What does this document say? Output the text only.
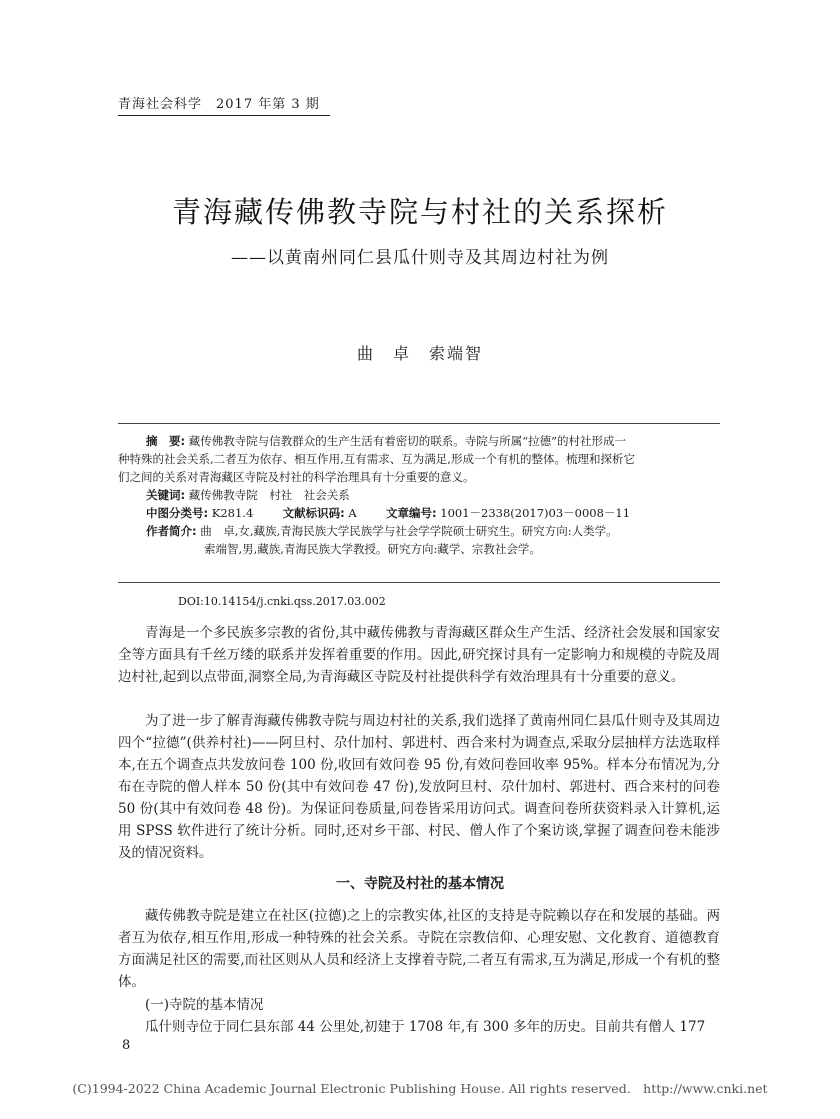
青海社会科学　2017 年第 3 期
青海藏传佛教寺院与村社的关系探析
——以黄南州同仁县瓜什则寺及其周边村社为例
曲　卓　索端智
摘　要: 藏传佛教寺院与信教群众的生产生活有着密切的联系。寺院与所属“拉德”的村社形成一
种特殊的社会关系,二者互为依存、相互作用,互有需求、互为满足,形成一个有机的整体。梳理和探析它
们之间的关系对青海藏区寺院及村社的科学治理具有十分重要的意义。
关键词: 藏传佛教寺院　村社　社会关系
中图分类号: K281.4	文献标识码: A	文章编号: 1001－2338(2017)03－0008－11
作者简介: 曲　卓,女,藏族,青海民族大学民族学与社会学学院硕士研究生。研究方向:人类学。
索端智,男,藏族,青海民族大学教授。研究方向:藏学、宗教社会学。
DOI:10.14154/j.cnki.qss.2017.03.002
青海是一个多民族多宗教的省份,其中藏传佛教与青海藏区群众生产生活、经济社会发展和国家安全等方面具有千丝万缕的联系并发挥着重要的作用。因此,研究探讨具有一定影响力和规模的寺院及周边村社,起到以点带面,洞察全局,为青海藏区寺院及村社提供科学有效治理具有十分重要的意义。
为了进一步了解青海藏传佛教寺院与周边村社的关系,我们选择了黄南州同仁县瓜什则寺及其周边四个“拉德”(供养村社)——阿旦村、尕什加村、郭进村、西合来村为调查点,采取分层抽样方法选取样本,在五个调查点共发放问卷 100 份,收回有效问卷 95 份,有效问卷回收率 95%。样本分布情况为,分布在寺院的僧人样本 50 份(其中有效问卷 47 份),发放阿旦村、尕什加村、郭进村、西合来村的问卷 50 份(其中有效问卷 48 份)。为保证问卷质量,问卷皆采用访问式。调查问卷所获资料录入计算机,运用 SPSS 软件进行了统计分析。同时,还对乡干部、村民、僧人作了个案访谈,掌握了调查问卷未能涉及的情况资料。
一、寺院及村社的基本情况
藏传佛教寺院是建立在社区(拉德)之上的宗教实体,社区的支持是寺院赖以存在和发展的基础。两者互为依存,相互作用,形成一种特殊的社会关系。寺院在宗教信仰、心理安慰、文化教育、道德教育方面满足社区的需要,而社区则从人员和经济上支撑着寺院,二者互有需求,互为满足,形成一个有机的整体。
(一)寺院的基本情况
瓜什则寺位于同仁县东部 44 公里处,初建于 1708 年,有 300 多年的历史。目前共有僧人 177
8
(C)1994-2022 China Academic Journal Electronic Publishing House. All rights reserved.　http://www.cnki.net
